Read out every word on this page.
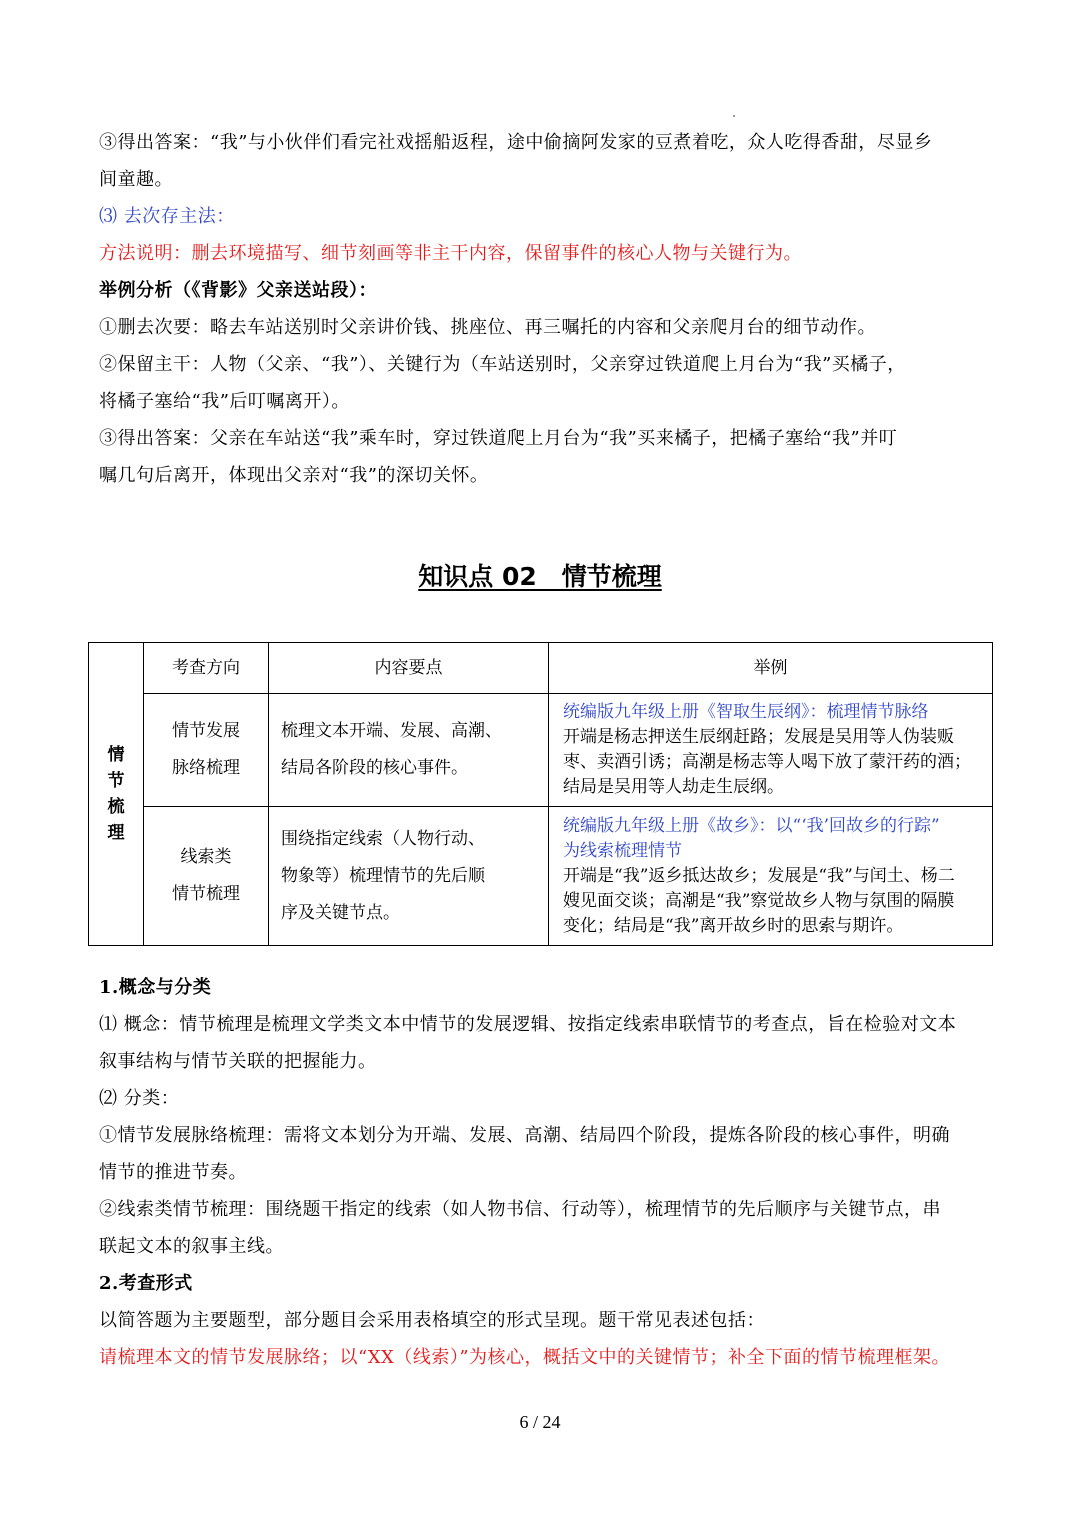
③得出答案：“我”与小伙伴们看完社戏摇船返程，途中偷摘阿发家的豆煮着吃，众人吃得香甜，尽显乡
间童趣。
⑶ 去次存主法：
方法说明：删去环境描写、细节刻画等非主干内容，保留事件的核心人物与关键行为。
举例分析（《背影》父亲送站段）：
①删去次要：略去车站送别时父亲讲价钱、挑座位、再三嘱托的内容和父亲爬月台的细节动作。
②保留主干：人物（父亲、“我”）、关键行为（车站送别时，父亲穿过铁道爬上月台为“我”买橘子，
将橘子塞给“我”后叮嘱离开）。
③得出答案：父亲在车站送“我”乘车时，穿过铁道爬上月台为“我”买来橘子，把橘子塞给“我”并叮
嘱几句后离开，体现出父亲对“我”的深切关怀。
知识点 02　情节梳理
情节梳理	考查方向	内容要点	举例

	情节发展
脉络梳理	梳理文本开端、发展、高潮、
结局各阶段的核心事件。	统编版九年级上册《智取生辰纲》：梳理情节脉络
开端是杨志押送生辰纲赶路；发展是吴用等人伪装贩
枣、卖酒引诱；高潮是杨志等人喝下放了蒙汗药的酒；
结局是吴用等人劫走生辰纲。

	线索类
情节梳理	围绕指定线索（人物行动、
物象等）梳理情节的先后顺
序及关键节点。	统编版九年级上册《故乡》：以“‘我’回故乡的行踪”
为线索梳理情节
开端是“我”返乡抵达故乡；发展是“我”与闰土、杨二
嫂见面交谈；高潮是“我”察觉故乡人物与氛围的隔膜
变化；结局是“我”离开故乡时的思索与期许。
1.概念与分类
⑴ 概念：情节梳理是梳理文学类文本中情节的发展逻辑、按指定线索串联情节的考查点，旨在检验对文本
叙事结构与情节关联的把握能力。
⑵ 分类：
①情节发展脉络梳理：需将文本划分为开端、发展、高潮、结局四个阶段，提炼各阶段的核心事件，明确
情节的推进节奏。
②线索类情节梳理：围绕题干指定的线索（如人物书信、行动等），梳理情节的先后顺序与关键节点，串
联起文本的叙事主线。
2.考查形式
以简答题为主要题型，部分题目会采用表格填空的形式呈现。题干常见表述包括：
请梳理本文的情节发展脉络；以“XX（线索）”为核心，概括文中的关键情节；补全下面的情节梳理框架。
6 / 24
